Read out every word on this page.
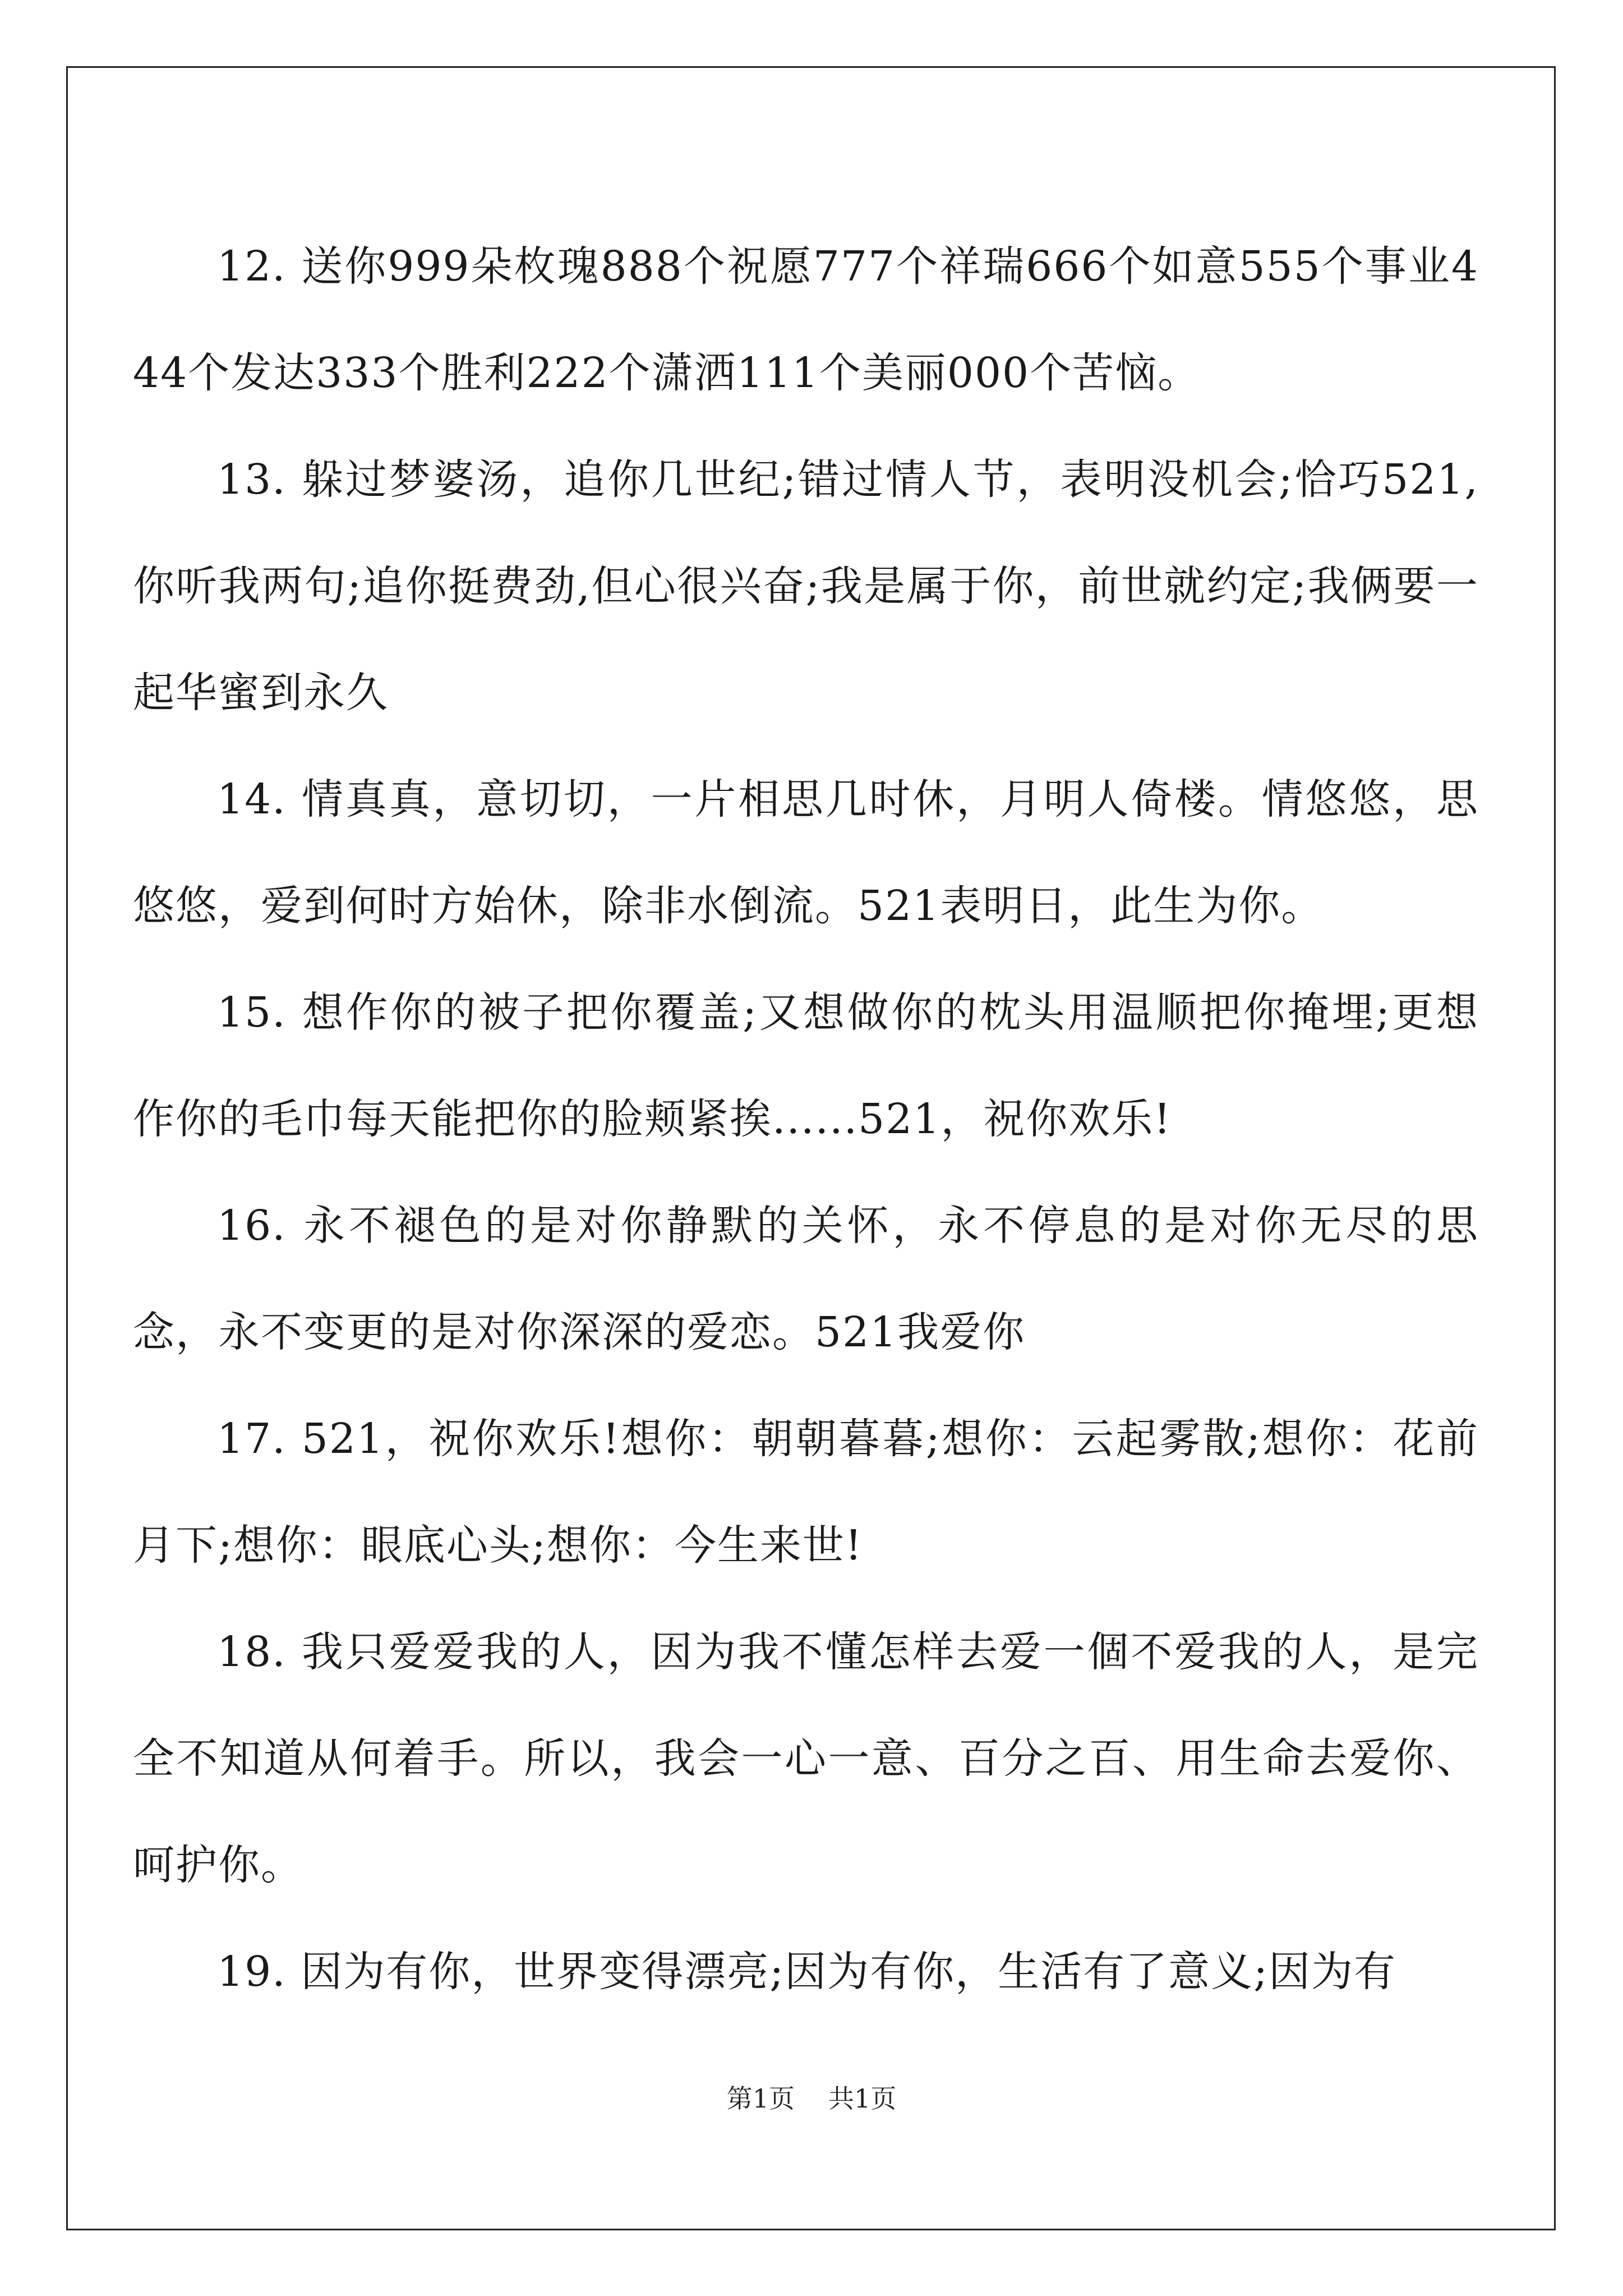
12. 送你999朵枚瑰888个祝愿777个祥瑞666个如意555个事业444个发达333个胜利222个潇洒111个美丽000个苦恼。

13. 躲过梦婆汤，追你几世纪;错过情人节，表明没机会;恰巧521,你听我两句;追你挺费劲,但心很兴奋;我是属于你，前世就约定;我俩要一起华蜜到永久

14. 情真真，意切切，一片相思几时休，月明人倚楼。情悠悠，思悠悠，爱到何时方始休，除非水倒流。521表明日，此生为你。

15. 想作你的被子把你覆盖;又想做你的枕头用温顺把你掩埋;更想作你的毛巾每天能把你的脸颊紧挨......521，祝你欢乐!

16. 永不褪色的是对你静默的关怀，永不停息的是对你无尽的思念，永不变更的是对你深深的爱恋。521我爱你

17. 521，祝你欢乐!想你：朝朝暮暮;想你：云起雾散;想你：花前月下;想你：眼底心头;想你：今生来世!

18. 我只爱爱我的人，因为我不懂怎样去爱一個不爱我的人，是完全不知道从何着手。所以，我会一心一意、百分之百、用生命去爱你、呵护你。

19. 因为有你，世界变得漂亮;因为有你，生活有了意义;因为有

第1页 共1页
